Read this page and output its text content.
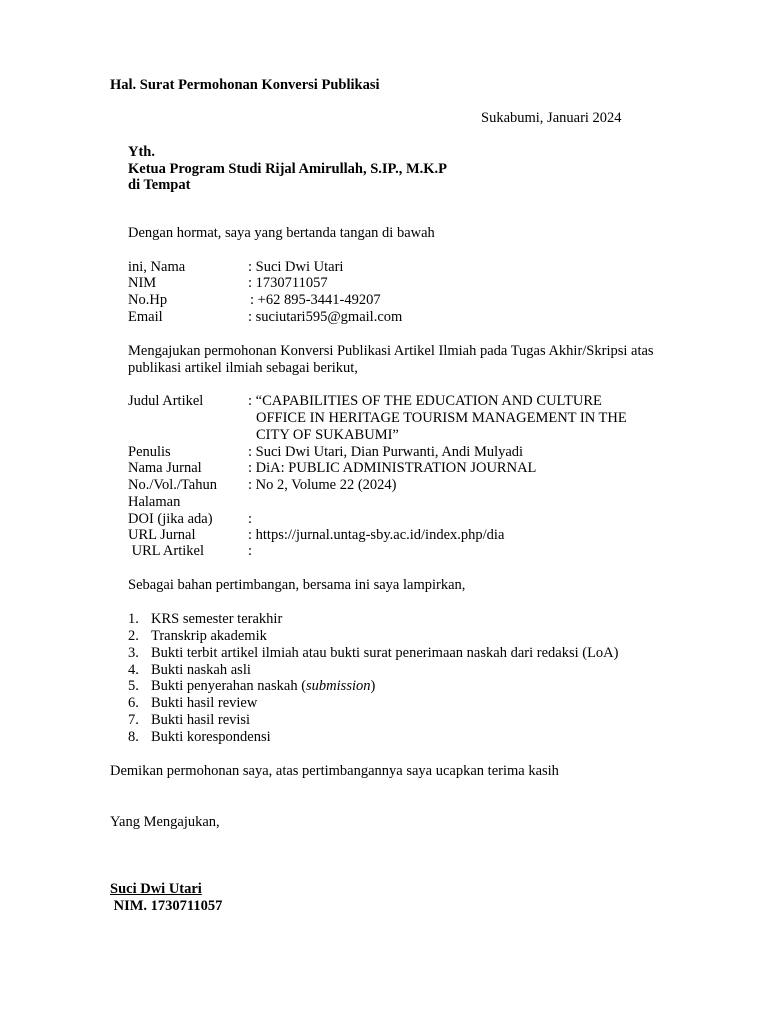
Hal. Surat Permohonan Konversi Publikasi
Sukabumi, Januari 2024
Yth.
Ketua Program Studi Rijal Amirullah, S.IP., M.K.P
di Tempat
Dengan hormat, saya yang bertanda tangan di bawah
ini, Nama	: Suci Dwi Utari
NIM	: 1730711057
No.Hp	: +62 895-3441-49207
Email	: suciutari595@gmail.com
Mengajukan permohonan Konversi Publikasi Artikel Ilmiah pada Tugas Akhir/Skripsi atas
publikasi artikel ilmiah sebagai berikut,
Judul Artikel	: “CAPABILITIES OF THE EDUCATION AND CULTURE
OFFICE IN HERITAGE TOURISM MANAGEMENT IN THE
CITY OF SUKABUMI”
Penulis	: Suci Dwi Utari, Dian Purwanti, Andi Mulyadi
Nama Jurnal	: DiA: PUBLIC ADMINISTRATION JOURNAL
No./Vol./Tahun : No 2, Volume 22 (2024)
Halaman
DOI (jika ada) :
URL Jurnal	: https://jurnal.untag-sby.ac.id/index.php/dia
URL Artikel	:
Sebagai bahan pertimbangan, bersama ini saya lampirkan,
1. KRS semester terakhir
2. Transkrip akademik
3. Bukti terbit artikel ilmiah atau bukti surat penerimaan naskah dari redaksi (LoA)
4. Bukti naskah asli
5. Bukti penyerahan naskah (submission)
6. Bukti hasil review
7. Bukti hasil revisi
8. Bukti korespondensi
Demikan permohonan saya, atas pertimbangannya saya ucapkan terima kasih
Yang Mengajukan,
Suci Dwi Utari
NIM. 1730711057
